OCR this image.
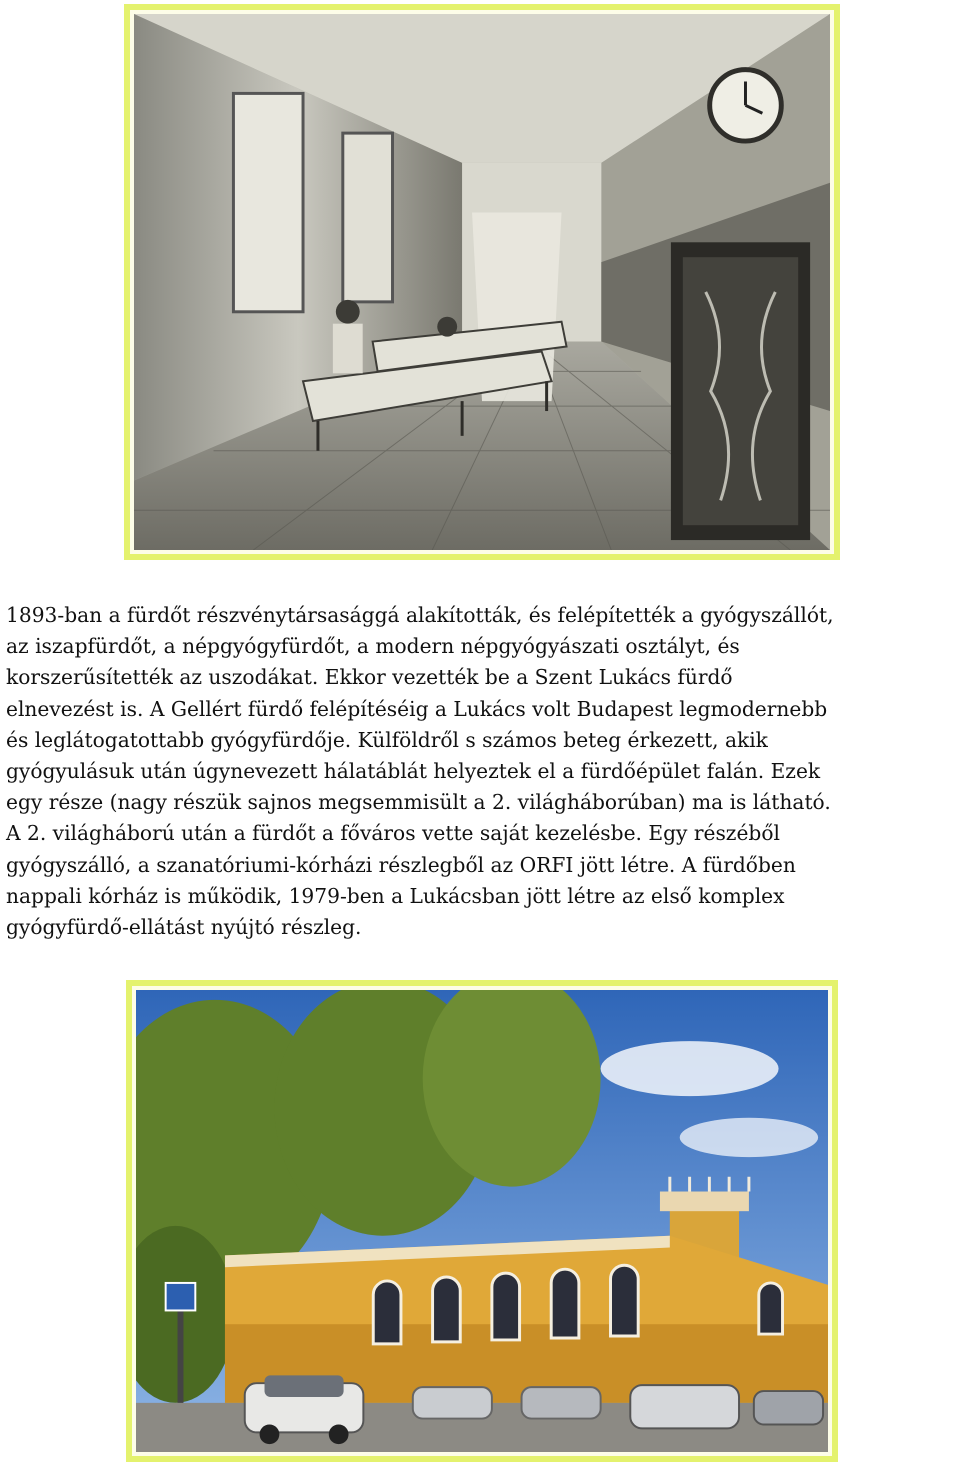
1893-ban a fürdőt részvénytársasággá alakították, és felépítették a gyógyszállót,
az iszapfürdőt, a népgyógyfürdőt, a modern népgyógyászati osztályt, és
korszerűsítették az uszodákat. Ekkor vezették be a Szent Lukács fürdő
elnevezést is. A Gellért fürdő felépítéséig a Lukács volt Budapest legmodernebb
és leglátogatottabb gyógyfürdője. Külföldről s számos beteg érkezett, akik
gyógyulásuk után úgynevezett hálatáblát helyeztek el a fürdőépület falán. Ezek
egy része (nagy részük sajnos megsemmisült a 2. világháborúban) ma is látható.
A 2. világháború után a fürdőt a főváros vette saját kezelésbe. Egy részéből
gyógyszálló, a szanatóriumi-kórházi részlegből az ORFI jött létre. A fürdőben
nappali kórház is működik, 1979-ben a Lukácsban jött létre az első komplex
gyógyfürdő-ellátást nyújtó részleg.
